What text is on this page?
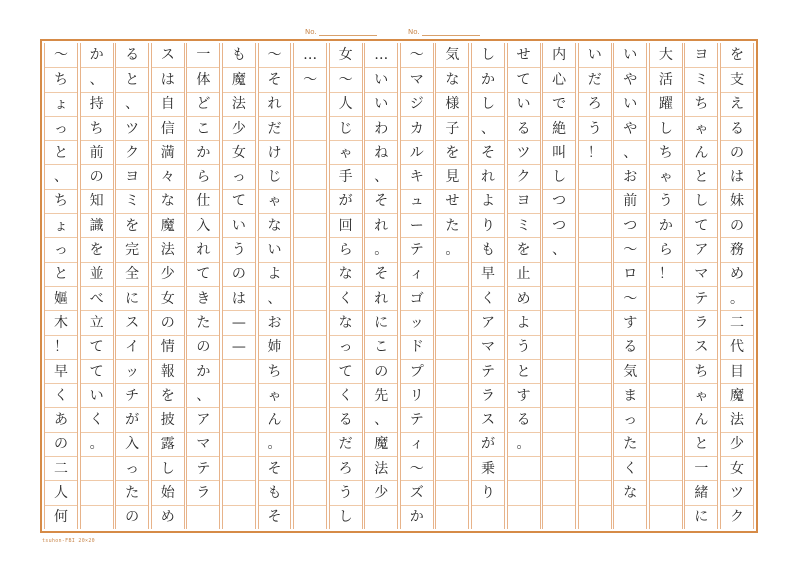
No.	No.
を
支
え
る
の
は
妹
の
務
め
。
二
代
目
魔
法
少
女
ツ
ク
ヨ
ミ
ち
ゃ
ん
と
し
て
ア
マ
テ
ラ
ス
ち
ゃ
ん
と
一
緒
に
大
活
躍
し
ち
ゃ
う
か
ら
！
い
や
い
や
、
お
前
つ
〜
ロ
〜
す
る
気
ま
っ
た
く
な
い
だ
ろ
う
！
内
心
で
絶
叫
し
つ
つ
、
せ
て
い
る
ツ
ク
ヨ
ミ
を
止
め
よ
う
と
す
る
。
し
か
し
、
そ
れ
よ
り
も
早
く
ア
マ
テ
ラ
ス
が
乗
り
気
な
様
子
を
見
せ
た
。
〜
マ
ジ
カ
ル
キ
ュ
ー
テ
ィ
ゴ
ッ
ド
プ
リ
テ
ィ
〜
ズ
か
…
い
い
わ
ね
、
そ
れ
。
そ
れ
に
こ
の
先
、
魔
法
少
女
〜
人
じ
ゃ
手
が
回
ら
な
く
な
っ
て
く
る
だ
ろ
う
し
…
〜
〜
そ
れ
だ
け
じ
ゃ
な
い
よ
、
お
姉
ち
ゃ
ん
。
そ
も
そ
も
魔
法
少
女
っ
て
い
う
の
は
—
—
一
体
ど
こ
か
ら
仕
入
れ
て
き
た
の
か
、
ア
マ
テ
ラ
ス
は
自
信
満
々
な
魔
法
少
女
の
情
報
を
披
露
し
始
め
る
と
、
ツ
ク
ヨ
ミ
を
完
全
に
ス
イ
ッ
チ
が
入
っ
た
の
か
、
持
ち
前
の
知
識
を
並
べ
立
て
て
い
く
。
〜
ち
ょ
っ
と
、
ち
ょ
っ
と
嫗
木
！
早
く
あ
の
二
人
何
tsuhon-FBI 20×20
